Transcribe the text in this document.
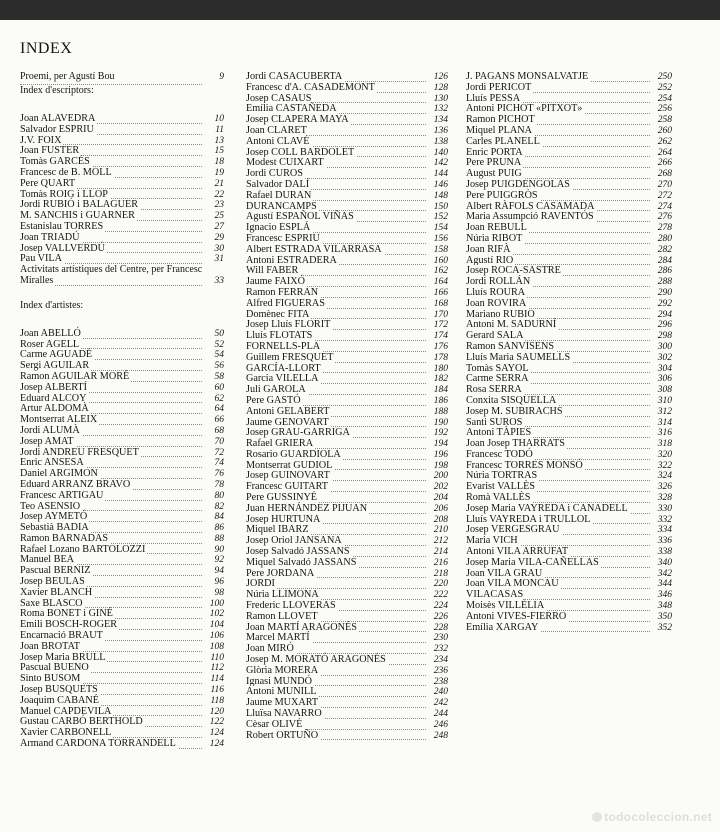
INDEX
Proemi, per Agustí Bou	9
Index d'escriptors:
Joan ALAVEDRA	10
Salvador ESPRIU	11
J.V. FOIX	13
Joan FUSTER	15
Tomàs GARCÉS	18
Francesc de B. MOLL	19
Pere QUART	21
Tomàs ROIG i LLOP	22
Jordi RUBIÓ i BALAGUER	23
M. SANCHIS i GUARNER	25
Estanislau TORRES	27
Joan TRIADÚ	29
Josep VALLVERDÚ	30
Pau VILA	31
Activitats artístiques del Centre, per Francesc
Miralles	33
Index d'artistes:
Joan ABELLÓ	50
Roser AGELL	52
Carme AGUADÉ	54
Sergi AGUILAR	56
Ramon AGUILAR MORÉ	58
Josep ALBERTÍ	60
Eduard ALCOY	62
Artur ALDOMÀ	64
Montserrat ALEIX	66
Jordi ALUMÀ	68
Josep AMAT	70
Jordi ANDREU FRESQUET	72
Enric ANSESA	74
Daniel ARGIMON	76
Eduard ARRANZ BRAVO	78
Francesc ARTIGAU	80
Teo ASENSIO	82
Josep AYMETÓ	84
Sebastià BADIA	86
Ramon BARNADAS	88
Rafael Lozano BARTOLOZZI	90
Manuel BEA	92
Pascual BERNIZ	94
Josep BEULAS	96
Xavier BLANCH	98
Saxe BLASCO	100
Roma BONET i GINÉ	102
Emili BOSCH-ROGER	104
Encarnació BRAUT	106
Joan BROTAT	108
Josep Maria BRULL	110
Pascual BUENO	112
Sinto BUSOM	114
Josep BUSQUETS	116
Joaquim CABANÉ	118
Manuel CAPDEVILA	120
Gustau CARBÓ BERTHOLD	122
Xavier CARBONELL	124
Armand CARDONA TORRANDELL	124
Jordi CASACUBERTA	126
Francesc d'A. CASADEMONT	128
Josep CASAUS	130
Emília CASTAÑEDA	132
Josep CLAPERA MAYA	134
Joan CLARET	136
Antoni CLAVÉ	138
Josep COLL BARDOLET	140
Modest CUIXART	142
Jordi CUROS	144
Salvador DALÍ	146
Rafael DURAN	148
DURANCAMPS	150
Agustí ESPAÑOL VIÑAS	152
Ignacio ESPLÁ	154
Francesc ESPRIU	156
Albert ESTRADA VILARRASA	158
Antoni ESTRADERA	160
Will FABER	162
Jaume FAIXÓ	164
Ramon FERRAN	166
Alfred FIGUERAS	168
Domènec FITA	170
Josep Lluís FLORIT	172
Lluís FLOTATS	174
FORNELLS-PLA	176
Guillem FRESQUET	178
GARCÍA-LLORT	180
Garcia VILELLA	182
Juli GAROLA	184
Pere GASTÓ	186
Antoni GELABERT	188
Jaume GENOVART	190
Josep GRAU-GARRIGA	192
Rafael GRIERA	194
Rosario GUARDIOLA	196
Montserrat GUDIOL	198
Josep GUINOVART	200
Francesc GUITART	202
Pere GUSSINYÉ	204
Juan HERNÁNDEZ PIJUAN	206
Josep HURTUNA	208
Miquel IBARZ	210
Josep Oriol JANSANA	212
Josep Salvadó JASSANS	214
Miquel Salvadó JASSANS	216
Pere JORDANA	218
JORDI	220
Núria LLIMONA	222
Frederic LLOVERAS	224
Ramon LLOVET	226
Joan MARTÍ ARAGONÉS	228
Marcel MARTÍ	230
Joan MIRÓ	232
Josep M. MORATÓ ARAGONÉS	234
Glòria MORERA	236
Ignasi MUNDÓ	238
Antoni MUNILL	240
Jaume MUXART	242
Lluïsa NAVARRO	244
Cèsar OLIVÉ	246
Robert ORTUÑO	248
J. PAGANS MONSALVATJE	250
Jordi PERICOT	252
Lluís PESSA	254
Antoni PICHOT «PITXOT»	256
Ramon PICHOT	258
Miquel PLANA	260
Carles PLANELL	262
Enric PORTA	264
Pere PRUNA	266
August PUIG	268
Josep PUIGDENGOLAS	270
Pere PUIGGRÒS	272
Albert RÀFOLS CASAMADA	274
Maria Assumpció RAVENTÓS	276
Joan REBULL	278
Núria RIBOT	280
Joan RIFÀ	282
Agustí RIO	284
Josep ROCA-SASTRE	286
Jordi ROLLÁN	288
Lluís ROURA	290
Joan ROVIRA	292
Mariano RUBIO	294
Antoni M. SADURNÍ	296
Gerard SALA	298
Ramon SANVISENS	300
Lluís Maria SAUMELLS	302
Tomàs SAYOL	304
Carme SERRA	306
Rosa SERRA	308
Conxita SISQUELLA	310
Josep M. SUBIRACHS	312
Santi SUROS	314
Antoni TÀPIES	316
Joan Josep THARRATS	318
Francesc TODÓ	320
Francesc TORRES MONSÓ	322
Núria TORTRAS	324
Evarist VALLÈS	326
Romà VALLÈS	328
Josep Maria VAYREDA i CANADELL	330
Lluís VAYREDA i TRULLOL	332
Josep VERGESGRAU	334
Maria VICH	336
Antoni VILA ARRUFAT	338
Josep Maria VILA-CAÑELLAS	340
Joan VILA GRAU	342
Joan VILA MONCAU	344
VILACASAS	346
Moisès VILLÈLIA	348
Antoni VIVES-FIERRO	350
Emília XARGAY	352
todocoleccion.net
